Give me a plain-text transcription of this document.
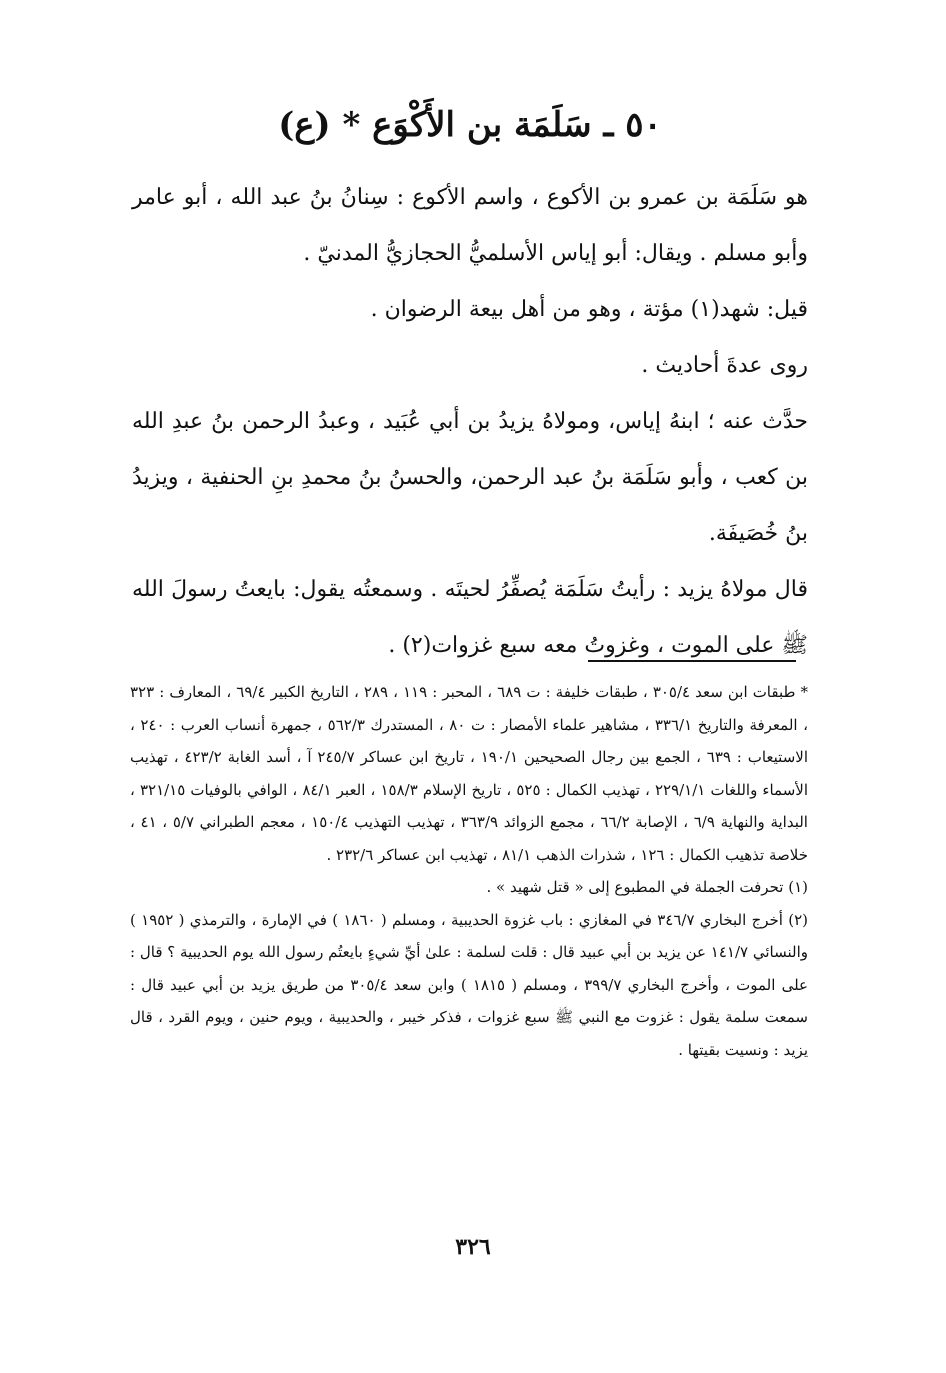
٥٠ ـ سَلَمَة بن الأَكْوَع * (ع)

هو سَلَمَة بن عمرو بن الأكوع ، واسم الأكوع : سِنانُ بنُ عبد الله ، أبو عامر وأبو مسلم . ويقال: أبو إياس الأسلميُّ الحجازيُّ المدنيّ .

قيل: شهد(١) مؤتة ، وهو من أهل بيعة الرضوان .

روى عدةَ أحاديث .

حدَّث عنه ؛ ابنهُ إياس، ومولاهُ يزيدُ بن أبي عُبَيد ، وعبدُ الرحمن بنُ عبدِ الله بن كعب ، وأبو سَلَمَة بنُ عبد الرحمن، والحسنُ بنُ محمدِ بنِ الحنفية ، ويزيدُ بنُ خُصَيفَة.

قال مولاهُ يزيد : رأيتُ سَلَمَة يُصفِّرُ لحيتَه . وسمعتُه يقول: بايعتُ رسولَ الله ﷺ على الموت ، وغزوتُ معه سبع غزوات(٢) .

* طبقات ابن سعد ٣٠٥/٤ ، طبقات خليفة : ت ٦٨٩ ، المحبر : ١١٩ ، ٢٨٩ ، التاريخ الكبير ٦٩/٤ ، المعارف : ٣٢٣ ، المعرفة والتاريخ ٣٣٦/١ ، مشاهير علماء الأمصار : ت ٨٠ ، المستدرك ٥٦٢/٣ ، جمهرة أنساب العرب : ٢٤٠ ، الاستيعاب : ٦٣٩ ، الجمع بين رجال الصحيحين ١٩٠/١ ، تاريخ ابن عساكر ٢٤٥/٧ آ ، أسد الغابة ٤٢٣/٢ ، تهذيب الأسماء واللغات ٢٢٩/١/١ ، تهذيب الكمال : ٥٢٥ ، تاريخ الإسلام ١٥٨/٣ ، العبر ٨٤/١ ، الوافي بالوفيات ٣٢١/١٥ ، البداية والنهاية ٦/٩ ، الإصابة ٦٦/٢ ، مجمع الزوائد ٣٦٣/٩ ، تهذيب التهذيب ١٥٠/٤ ، معجم الطبراني ٥/٧ ، ٤١ ، خلاصة تذهيب الكمال : ١٢٦ ، شذرات الذهب ٨١/١ ، تهذيب ابن عساكر ٢٣٢/٦ .

(١) تحرفت الجملة في المطبوع إلى « قتل شهيد » .

(٢) أخرج البخاري ٣٤٦/٧ في المغازي : باب غزوة الحديبية ، ومسلم ( ١٨٦٠ ) في الإمارة ، والترمذي ( ١٩٥٢ ) والنسائي ١٤١/٧ عن يزيد بن أبي عبيد قال : قلت لسلمة : علىٰ أيِّ شيءٍ بايعتُم رسول الله يوم الحديبية ؟ قال : على الموت ، وأخرج البخاري ٣٩٩/٧ ، ومسلم ( ١٨١٥ ) وابن سعد ٣٠٥/٤ من طريق يزيد بن أبي عبيد قال : سمعت سلمة يقول : غزوت مع النبي ﷺ سبع غزوات ، فذكر خيبر ، والحديبية ، ويوم حنين ، ويوم القرد ، قال يزيد : ونسيت بقيتها .

٣٢٦
